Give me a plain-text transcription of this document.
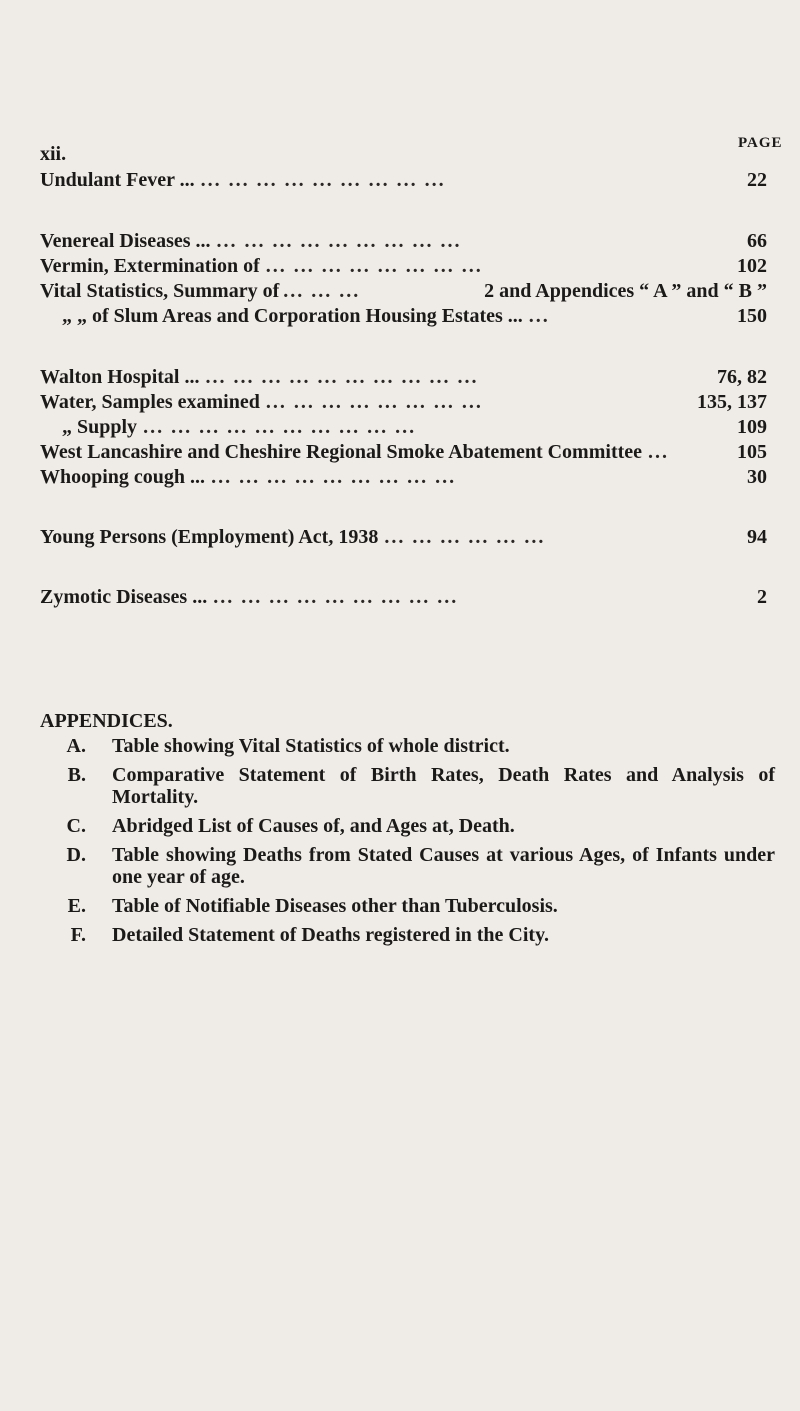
PAGE
xii.
Undulant Fever ... ... ... ... ... ... ... ... ... ...	22
Venereal Diseases ... ... ... ... ... ... ... ... ... ...	66
Vermin, Extermination of ... ... ... ... ... ... ... ...	102
Vital Statistics, Summary of ... ... ...	2 and Appendices “ A ” and “ B ”
„ „ of Slum Areas and Corporation Housing Estates ... ...	150
Walton Hospital ... ... ... ... ... ... ... ... ... ... ...	76, 82
Water, Samples examined ... ... ... ... ... ... ... ...	135, 137
„ Supply ... ... ... ... ... ... ... ... ... ...	109
West Lancashire and Cheshire Regional Smoke Abatement Committee ...	105
Whooping cough ... ... ... ... ... ... ... ... ... ...	30
Young Persons (Employment) Act, 1938 ... ... ... ... ... ...	94
Zymotic Diseases ... ... ... ... ... ... ... ... ... ...	2
APPENDICES.
A.	Table showing Vital Statistics of whole district.
B.	Comparative Statement of Birth Rates, Death Rates and Analysis of Mortality.
C.	Abridged List of Causes of, and Ages at, Death.
D.	Table showing Deaths from Stated Causes at various Ages, of Infants under one year of age.
E.	Table of Notifiable Diseases other than Tuberculosis.
F.	Detailed Statement of Deaths registered in the City.
